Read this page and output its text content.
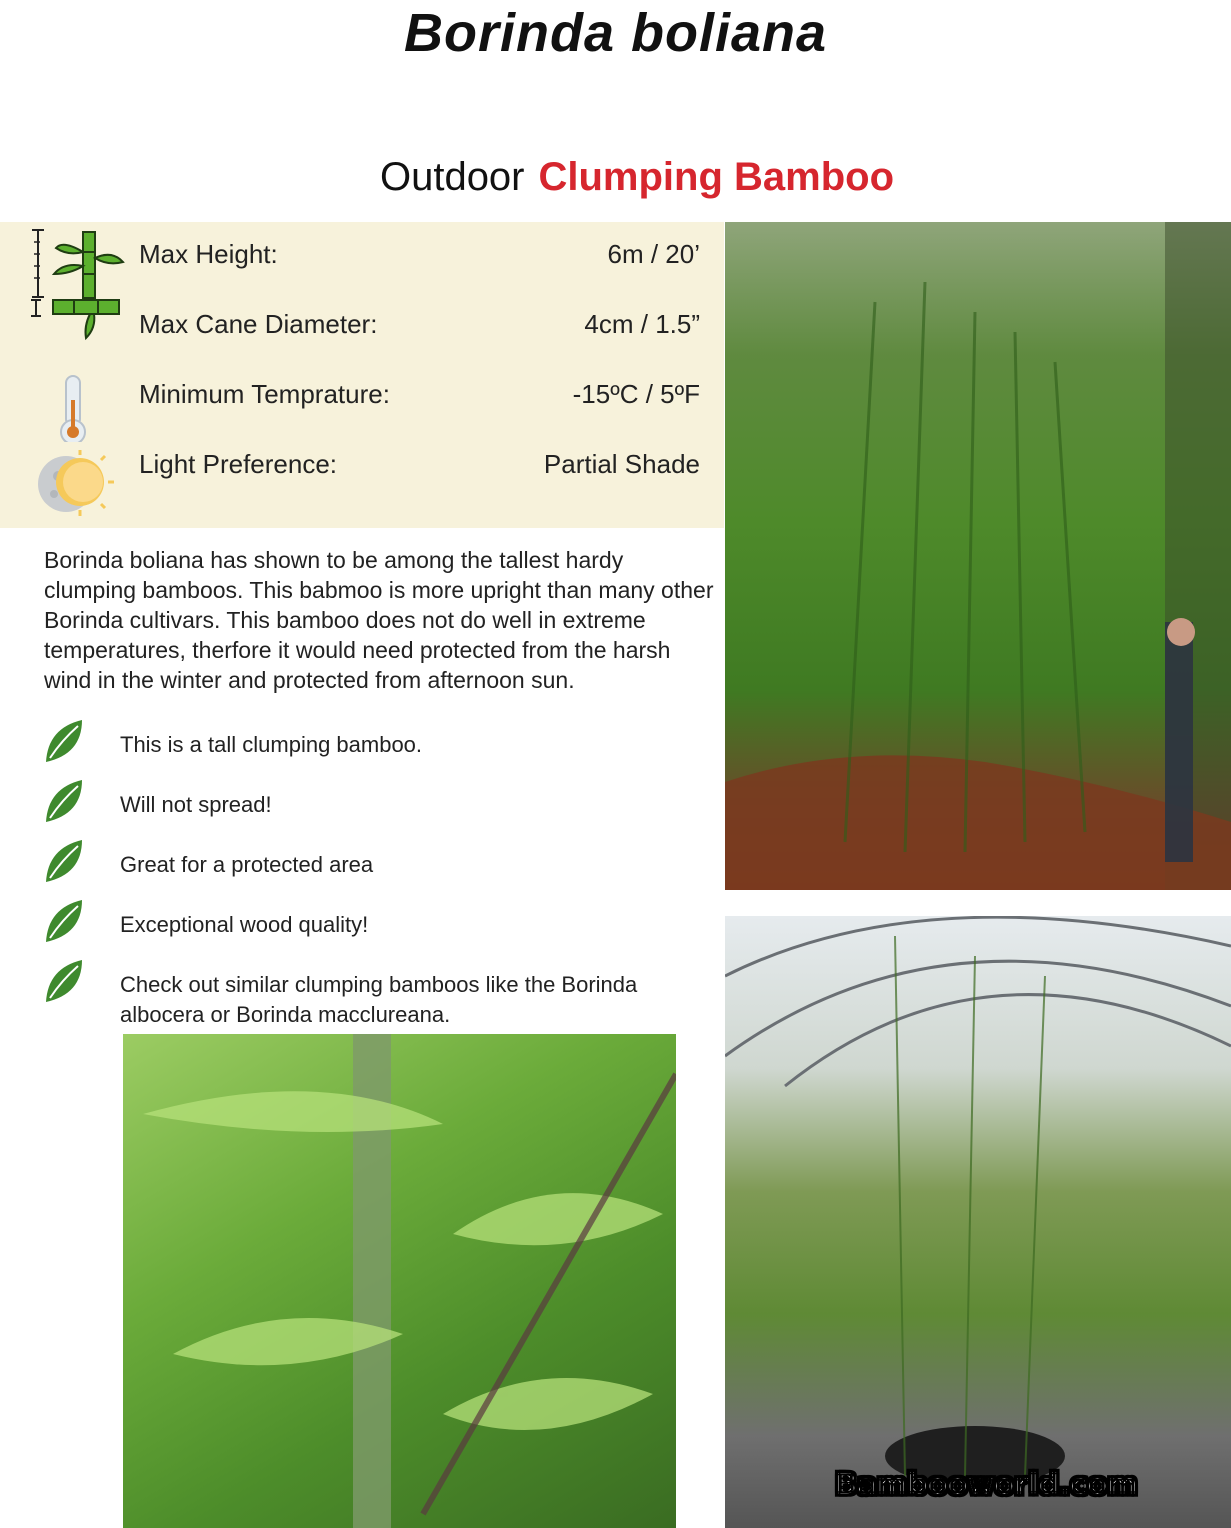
Borinda boliana
Outdoor Clumping Bamboo
Max Height:	6m / 20’
Max Cane Diameter:	4cm / 1.5”
Minimum Temprature:	-15ºC / 5ºF
Light Preference:	Partial Shade
Borinda boliana has shown to be among the tallest hardy clumping bamboos. This babmoo is more upright than many other Borinda cultivars. This bamboo does not do well in extreme temperatures, therfore it would need protected from the harsh wind in the winter and protected from afternoon sun.
This is a tall clumping bamboo.
Will not spread!
Great for a protected area
Exceptional wood quality!
Check out similar clumping bamboos like the Borinda albocera or Borinda macclureana.
Bambooworld.com
